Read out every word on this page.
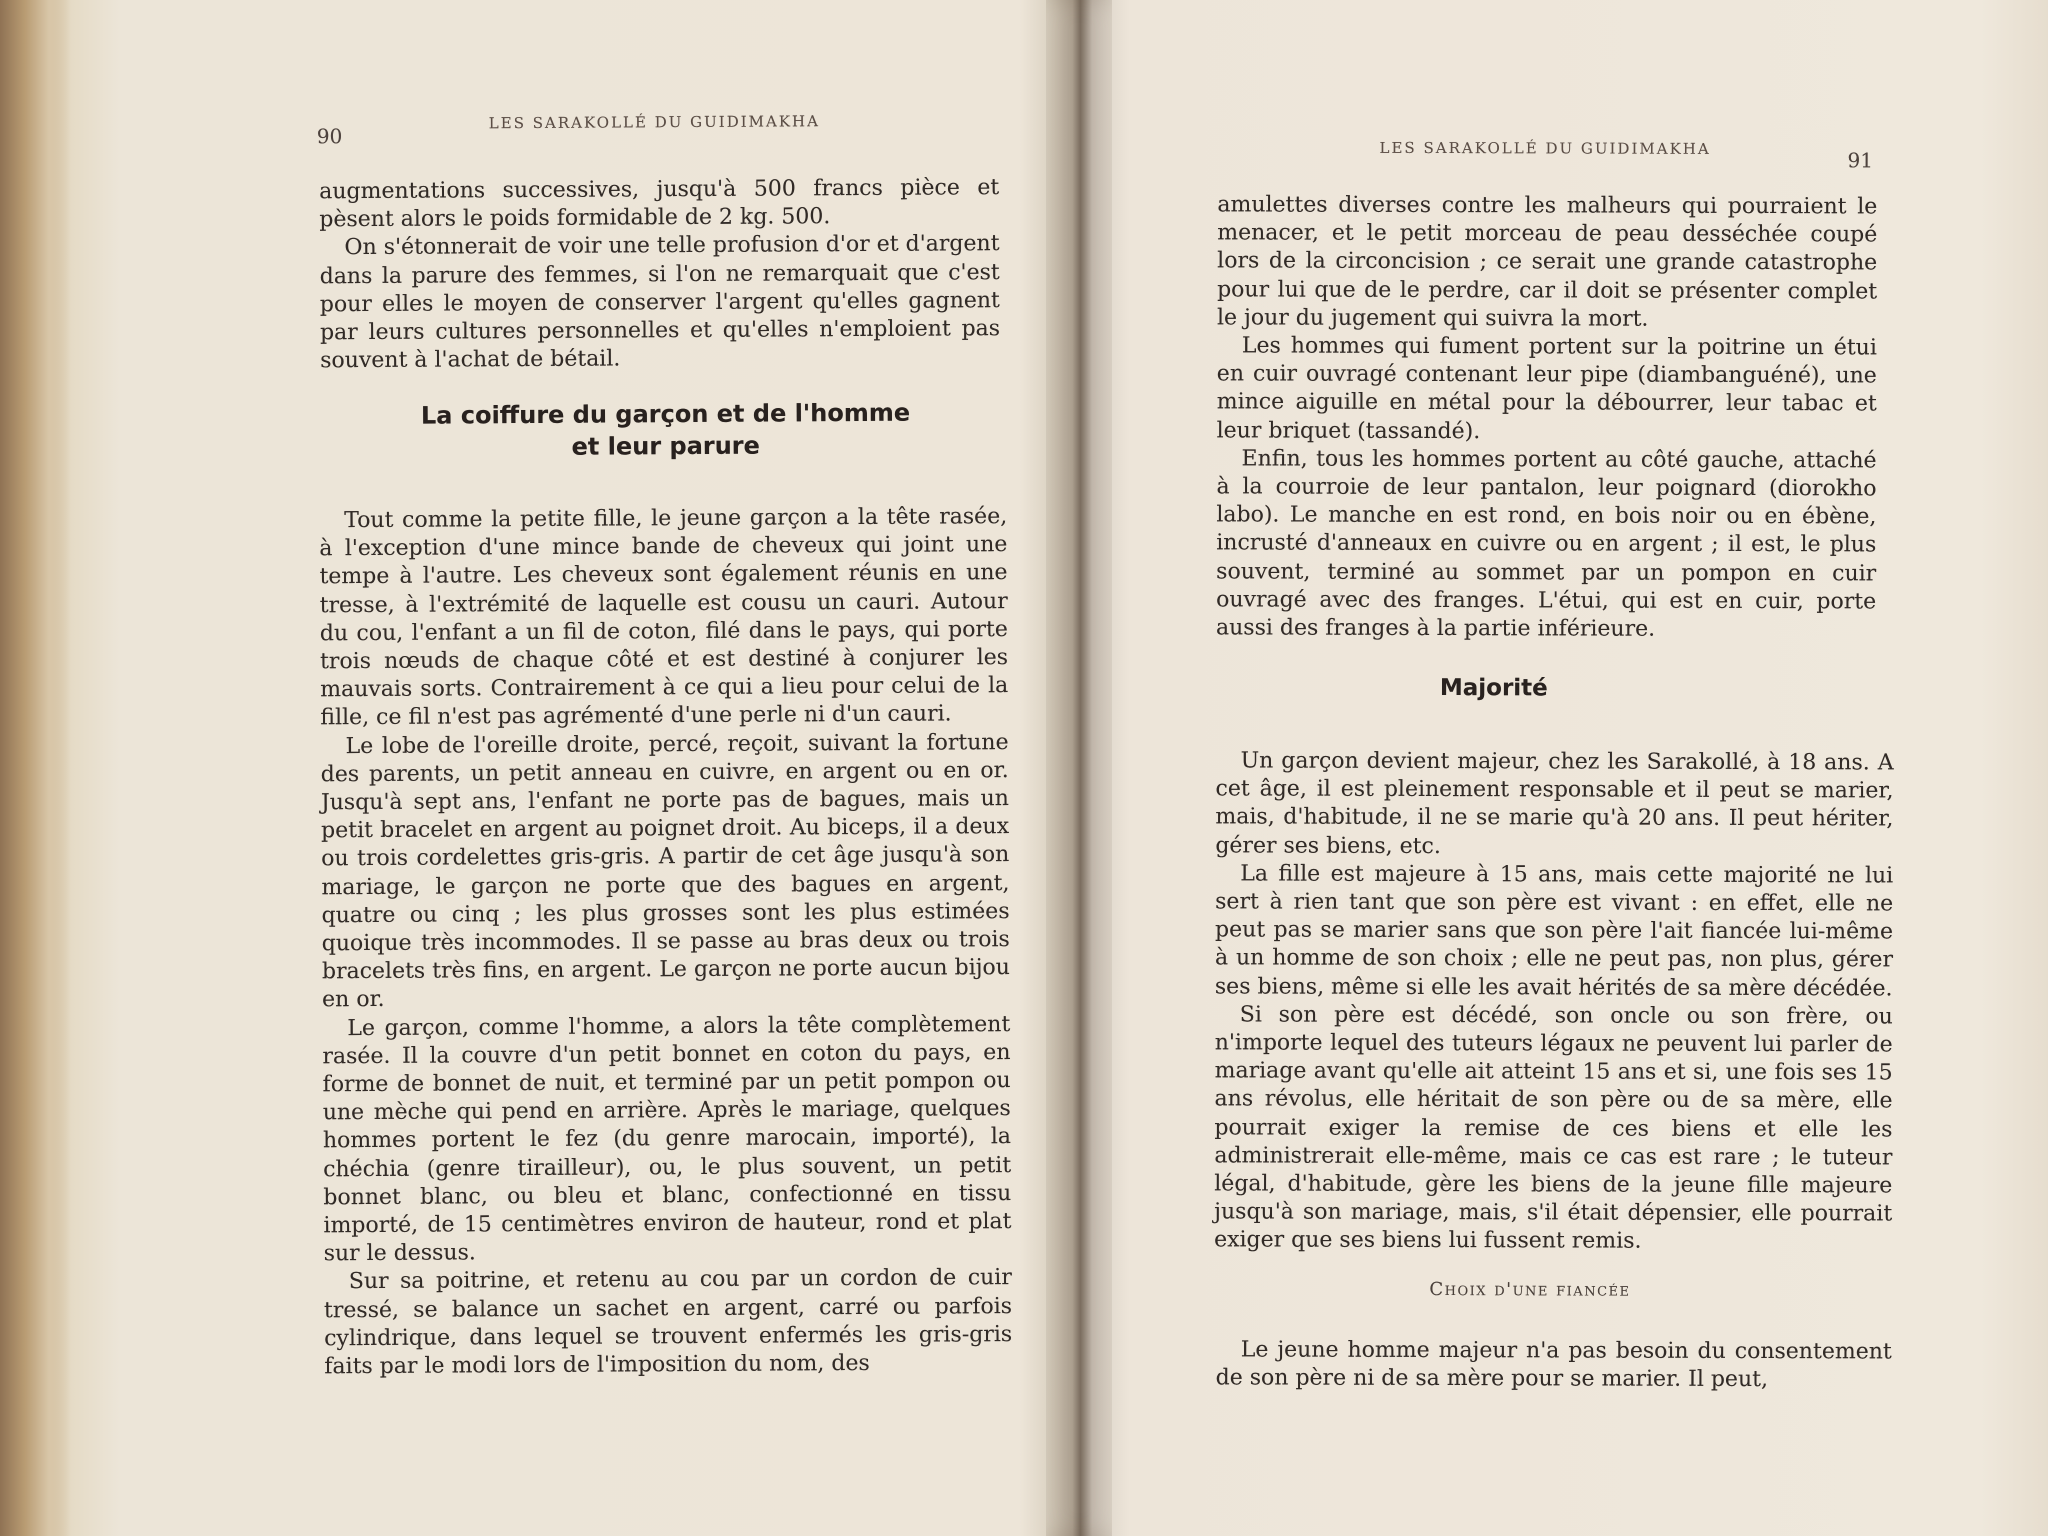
90
LES SARAKOLLÉ DU GUIDIMAKHA

augmentations successives, jusqu'à 500 francs pièce et pèsent alors le poids formidable de 2 kg. 500.

On s'étonnerait de voir une telle profusion d'or et d'argent dans la parure des femmes, si l'on ne remarquait que c'est pour elles le moyen de conserver l'argent qu'elles gagnent par leurs cultures personnelles et qu'elles n'emploient pas souvent à l'achat de bétail.

La coiffure du garçon et de l'homme
et leur parure

Tout comme la petite fille, le jeune garçon a la tête rasée, à l'exception d'une mince bande de cheveux qui joint une tempe à l'autre. Les cheveux sont également réunis en une tresse, à l'extrémité de laquelle est cousu un cauri. Autour du cou, l'enfant a un fil de coton, filé dans le pays, qui porte trois nœuds de chaque côté et est destiné à conjurer les mauvais sorts. Contrairement à ce qui a lieu pour celui de la fille, ce fil n'est pas agrémenté d'une perle ni d'un cauri.

Le lobe de l'oreille droite, percé, reçoit, suivant la fortune des parents, un petit anneau en cuivre, en argent ou en or. Jusqu'à sept ans, l'enfant ne porte pas de bagues, mais un petit bracelet en argent au poignet droit. Au biceps, il a deux ou trois cordelettes gris-gris. A partir de cet âge jusqu'à son mariage, le garçon ne porte que des bagues en argent, quatre ou cinq ; les plus grosses sont les plus estimées quoique très incommodes. Il se passe au bras deux ou trois bracelets très fins, en argent. Le garçon ne porte aucun bijou en or.

Le garçon, comme l'homme, a alors la tête complètement rasée. Il la couvre d'un petit bonnet en coton du pays, en forme de bonnet de nuit, et terminé par un petit pompon ou une mèche qui pend en arrière. Après le mariage, quelques hommes portent le fez (du genre marocain, importé), la chéchia (genre tirailleur), ou, le plus souvent, un petit bonnet blanc, ou bleu et blanc, confectionné en tissu importé, de 15 centimètres environ de hauteur, rond et plat sur le dessus.

Sur sa poitrine, et retenu au cou par un cordon de cuir tressé, se balance un sachet en argent, carré ou parfois cylindrique, dans lequel se trouvent enfermés les gris-gris faits par le modi lors de l'imposition du nom, des

LES SARAKOLLÉ DU GUIDIMAKHA	91

amulettes diverses contre les malheurs qui pourraient le menacer, et le petit morceau de peau desséchée coupé lors de la circoncision ; ce serait une grande catastrophe pour lui que de le perdre, car il doit se présenter complet le jour du jugement qui suivra la mort.

Les hommes qui fument portent sur la poitrine un étui en cuir ouvragé contenant leur pipe (diambanguéné), une mince aiguille en métal pour la débourrer, leur tabac et leur briquet (tassandé).

Enfin, tous les hommes portent au côté gauche, attaché à la courroie de leur pantalon, leur poignard (diorokho labo). Le manche en est rond, en bois noir ou en ébène, incrusté d'anneaux en cuivre ou en argent ; il est, le plus souvent, terminé au sommet par un pompon en cuir ouvragé avec des franges. L'étui, qui est en cuir, porte aussi des franges à la partie inférieure.

Majorité

Un garçon devient majeur, chez les Sarakollé, à 18 ans. A cet âge, il est pleinement responsable et il peut se marier, mais, d'habitude, il ne se marie qu'à 20 ans. Il peut hériter, gérer ses biens, etc.

La fille est majeure à 15 ans, mais cette majorité ne lui sert à rien tant que son père est vivant : en effet, elle ne peut pas se marier sans que son père l'ait fiancée lui-même à un homme de son choix ; elle ne peut pas, non plus, gérer ses biens, même si elle les avait hérités de sa mère décédée.

Si son père est décédé, son oncle ou son frère, ou n'importe lequel des tuteurs légaux ne peuvent lui parler de mariage avant qu'elle ait atteint 15 ans et si, une fois ses 15 ans révolus, elle héritait de son père ou de sa mère, elle pourrait exiger la remise de ces biens et elle les administrerait elle-même, mais ce cas est rare ; le tuteur légal, d'habitude, gère les biens de la jeune fille majeure jusqu'à son mariage, mais, s'il était dépensier, elle pourrait exiger que ses biens lui fussent remis.

Choix d'une fiancée

Le jeune homme majeur n'a pas besoin du consentement de son père ni de sa mère pour se marier. Il peut,
